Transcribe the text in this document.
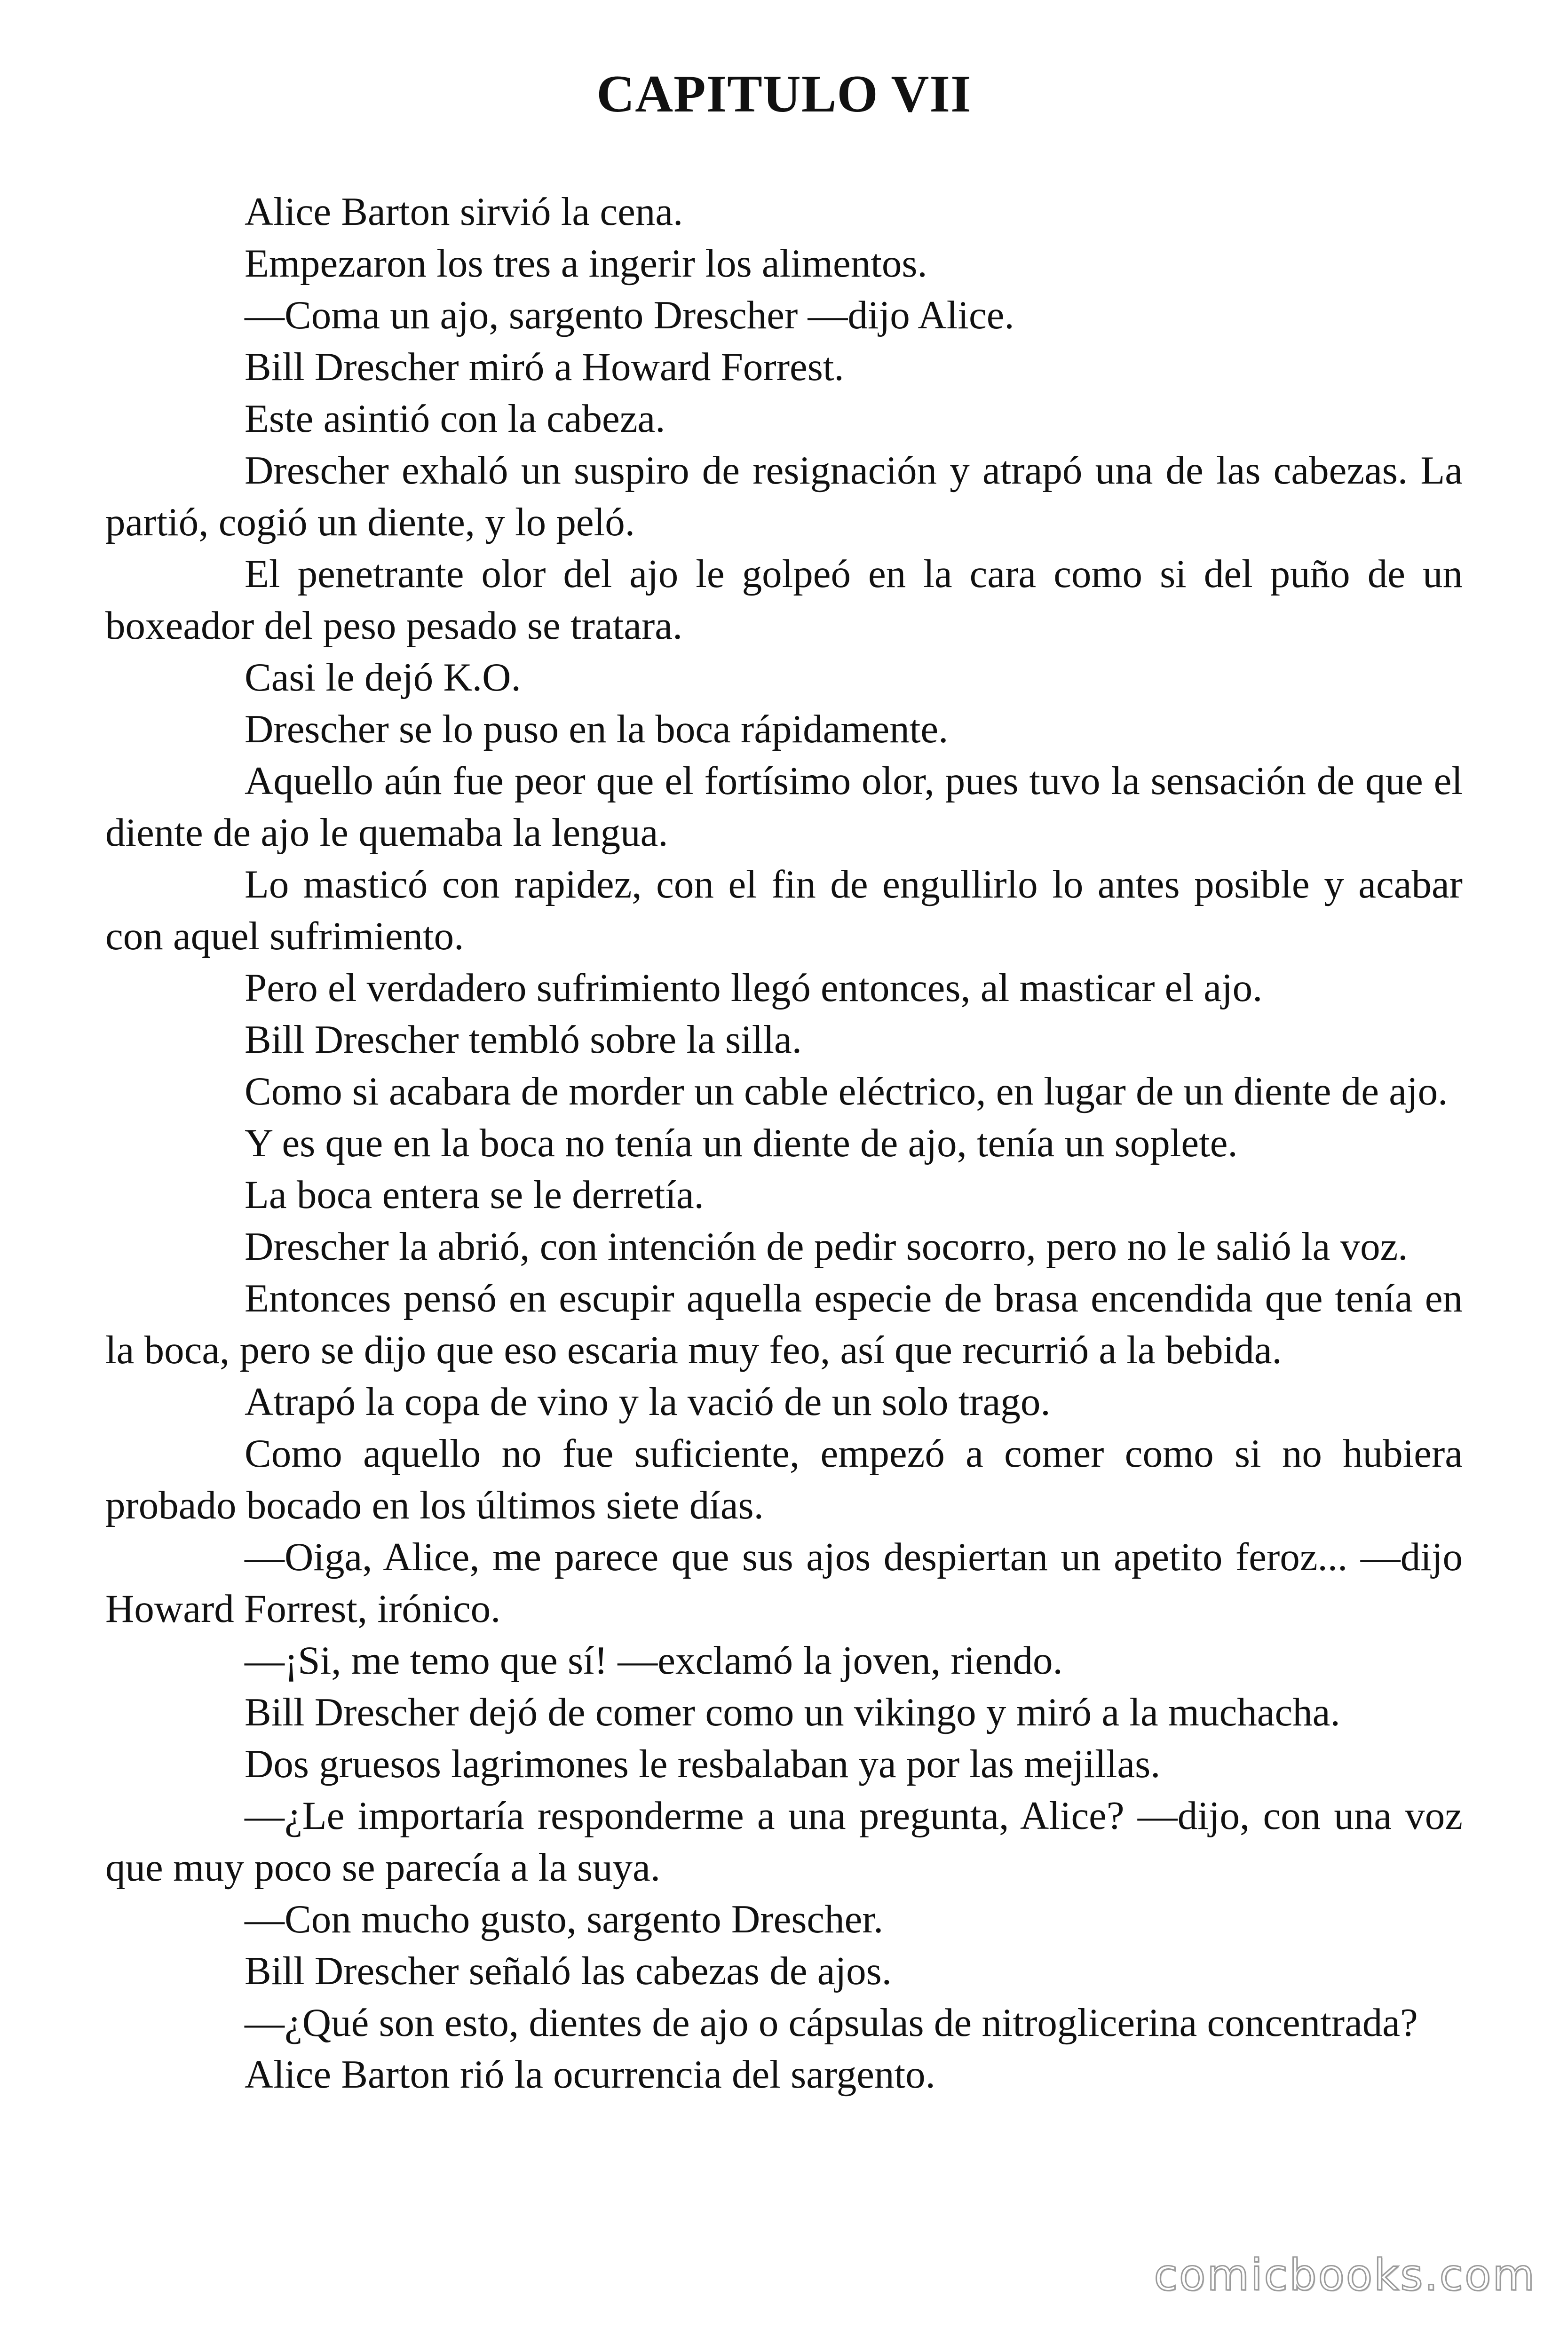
CAPITULO VII

Alice Barton sirvió la cena.

Empezaron los tres a ingerir los alimentos.

—Coma un ajo, sargento Drescher —dijo Alice.

Bill Drescher miró a Howard Forrest.

Este asintió con la cabeza.

Drescher exhaló un suspiro de resignación y atrapó una de las cabezas. La partió, cogió un diente, y lo peló.

El penetrante olor del ajo le golpeó en la cara como si del puño de un boxeador del peso pesado se tratara.

Casi le dejó K.O.

Drescher se lo puso en la boca rápidamente.

Aquello aún fue peor que el fortísimo olor, pues tuvo la sensación de que el diente de ajo le quemaba la lengua.

Lo masticó con rapidez, con el fin de engullirlo lo antes posible y acabar con aquel sufrimiento.

Pero el verdadero sufrimiento llegó entonces, al masticar el ajo.

Bill Drescher tembló sobre la silla.

Como si acabara de morder un cable eléctrico, en lugar de un diente de ajo.

Y es que en la boca no tenía un diente de ajo, tenía un soplete.

La boca entera se le derretía.

Drescher la abrió, con intención de pedir socorro, pero no le salió la voz.

Entonces pensó en escupir aquella especie de brasa encendida que tenía en la boca, pero se dijo que eso escaria muy feo, así que recurrió a la bebida.

Atrapó la copa de vino y la vació de un solo trago.

Como aquello no fue suficiente, empezó a comer como si no hubiera probado bocado en los últimos siete días.

—Oiga, Alice, me parece que sus ajos despiertan un apetito feroz... —dijo Howard Forrest, irónico.

—¡Si, me temo que sí! —exclamó la joven, riendo.

Bill Drescher dejó de comer como un vikingo y miró a la muchacha.

Dos gruesos lagrimones le resbalaban ya por las mejillas.

—¿Le importaría responderme a una pregunta, Alice? —dijo, con una voz que muy poco se parecía a la suya.

—Con mucho gusto, sargento Drescher.

Bill Drescher señaló las cabezas de ajos.

—¿Qué son esto, dientes de ajo o cápsulas de nitroglicerina concentrada?

Alice Barton rió la ocurrencia del sargento.

comicbooks.com
